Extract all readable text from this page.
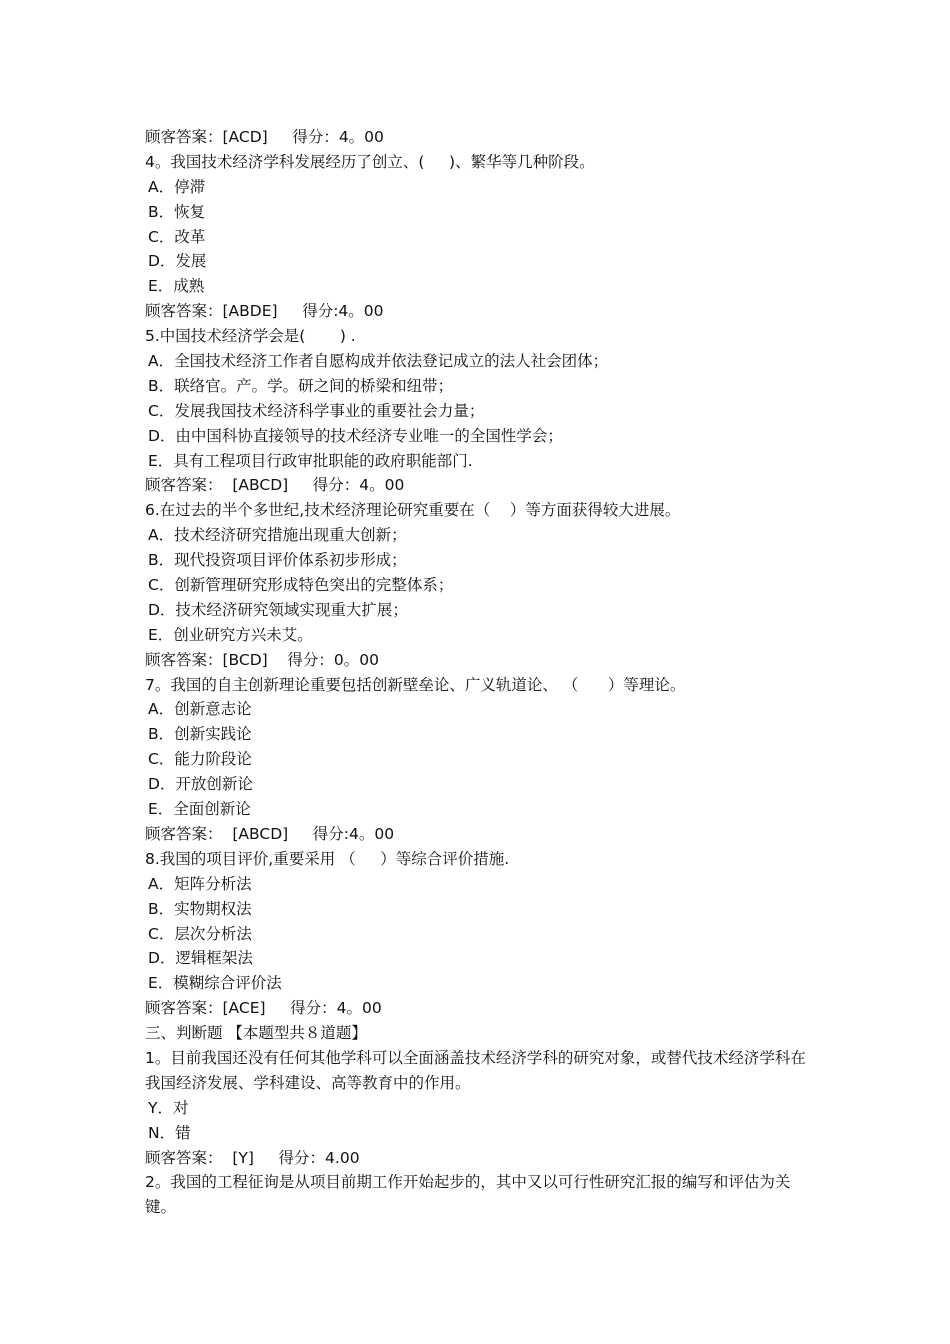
顾客答案：[ACD]     得分：4。00
4。我国技术经济学科发展经历了创立、(     )、繁华等几种阶段。
A．停滞
B．恢复
C．改革
D．发展
E．成熟
顾客答案：[ABDE]     得分:4。00
5.中国技术经济学会是(       ) .
A．全国技术经济工作者自愿构成并依法登记成立的法人社会团体；
B．联络官。产。学。研之间的桥梁和纽带；
C．发展我国技术经济科学事业的重要社会力量；
D．由中国科协直接领导的技术经济专业唯一的全国性学会；
E．具有工程项目行政审批职能的政府职能部门.
顾客答案：  [ABCD]     得分：4。00
6.在过去的半个多世纪,技术经济理论研究重要在（    ）等方面获得较大进展。
A．技术经济研究措施出现重大创新；
B．现代投资项目评价体系初步形成；
C．创新管理研究形成特色突出的完整体系；
D．技术经济研究领域实现重大扩展；
E．创业研究方兴未艾。
顾客答案：[BCD]    得分：0。00
7。我国的自主创新理论重要包括创新壁垒论、广义轨道论、 （      ）等理论。
A．创新意志论
B．创新实践论
C．能力阶段论
D．开放创新论
E．全面创新论
顾客答案：  [ABCD]     得分:4。00
8.我国的项目评价,重要采用 （     ）等综合评价措施.
A．矩阵分析法
B．实物期权法
C．层次分析法
D．逻辑框架法
E．模糊综合评价法
顾客答案：[ACE]     得分：4。00
三、判断题 【本题型共８道题】
1。目前我国还没有任何其他学科可以全面涵盖技术经济学科的研究对象，或替代技术经济学科在我国经济发展、学科建设、高等教育中的作用。
Y．对
N．错
顾客答案：  [Y]     得分：4.00
2。我国的工程征询是从项目前期工作开始起步的，其中又以可行性研究汇报的编写和评估为关键。
